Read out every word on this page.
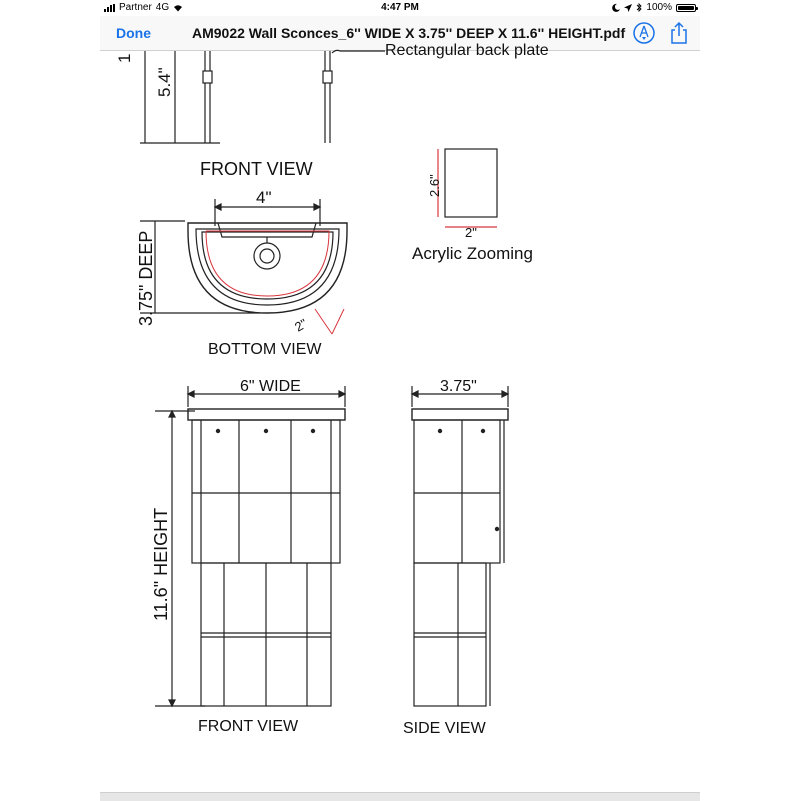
Partner 4G	4:47 PM	100%
Done	AM9022 Wall Sconces_6'' WIDE X 3.75'' DEEP X 11.6'' HEIGHT.pdf
1
5.4"
Rectangular back plate
FRONT VIEW
4"
3.75" DEEP	2"
BOTTOM VIEW
2.6"
2"
Acrylic Zooming
6" WIDE
11.6" HEIGHT
FRONT VIEW
3.75"
SIDE VIEW
